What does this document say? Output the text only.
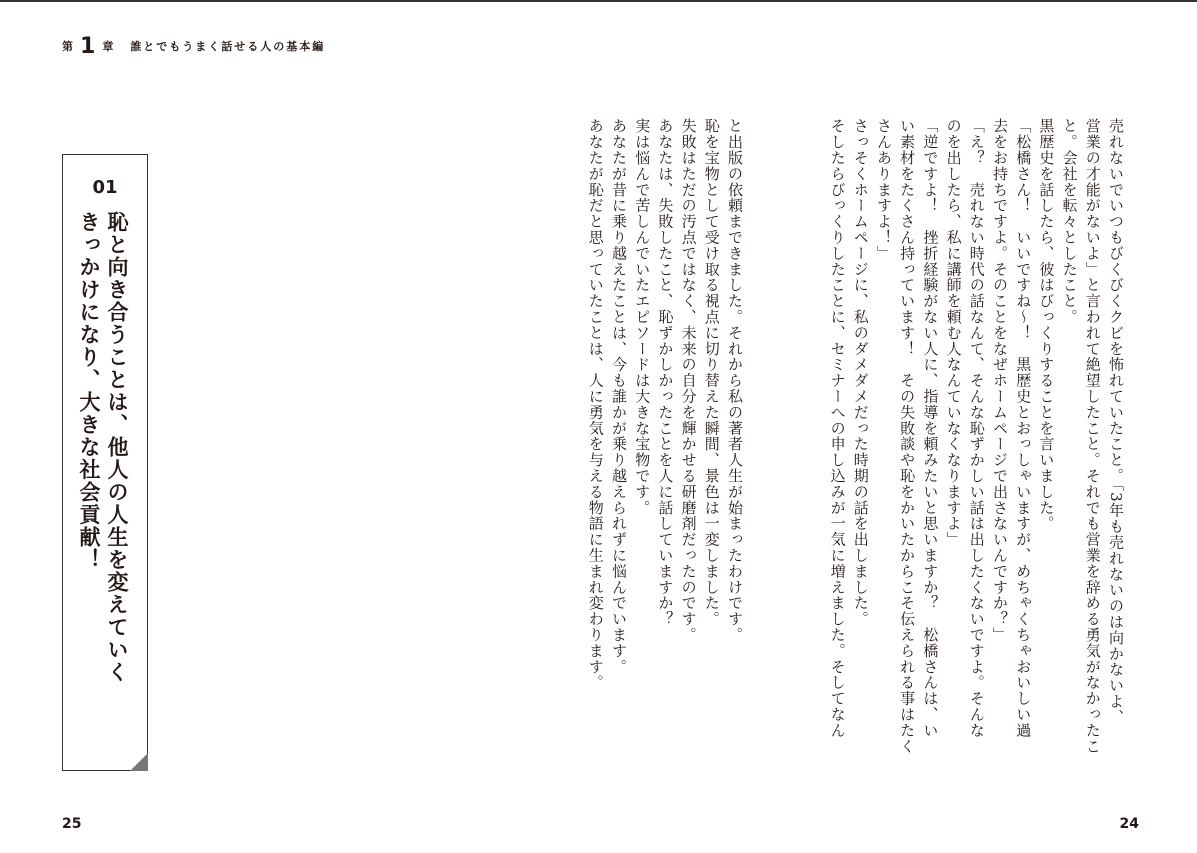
第 1 章 誰とでもうまく話せる人の基本編

売れないでいつもびくびくクビを怖れていたこと。「3年も売れないのは向かないよ、

営業の才能がないよ」と言われて絶望したこと。それでも営業を辞める勇気がなかったこ

と。会社を転々としたこと。

黒歴史を話したら、彼はびっくりすることを言いました。

「松橋さん！　いいですね～！　黒歴史とおっしゃいますが、めちゃくちゃおいしい過

去をお持ちですよ。そのことをなぜホームページで出さないんですか？」

「え？　売れない時代の話なんて、そんな恥ずかしい話は出したくないですよ。そんな

のを出したら、私に講師を頼む人なんていなくなりますよ」

「逆ですよ！　挫折経験がない人に、指導を頼みたいと思いますか？　松橋さんは、い

い素材をたくさん持っています！　その失敗談や恥をかいたからこそ伝えられる事はたく

さんありますよ！」

さっそくホームページに、私のダメダメだった時期の話を出しました。

そしたらびっくりしたことに、セミナーへの申し込みが一気に増えました。そしてなん

と出版の依頼まできました。それから私の著者人生が始まったわけです。

恥を宝物として受け取る視点に切り替えた瞬間、景色は一変しました。

失敗はただの汚点ではなく、未来の自分を輝かせる研磨剤だったのです。

あなたは、失敗したこと、恥ずかしかったことを人に話していますか？

実は悩んで苦しんでいたエピソードは大きな宝物です。

あなたが昔に乗り越えたことは、今も誰かが乗り越えられずに悩んでいます。

あなたが恥だと思っていたことは、人に勇気を与える物語に生まれ変わります。

01
恥と向き合うことは、他人の人生を変えていく
きっかけになり、大きな社会貢献！
25	24
